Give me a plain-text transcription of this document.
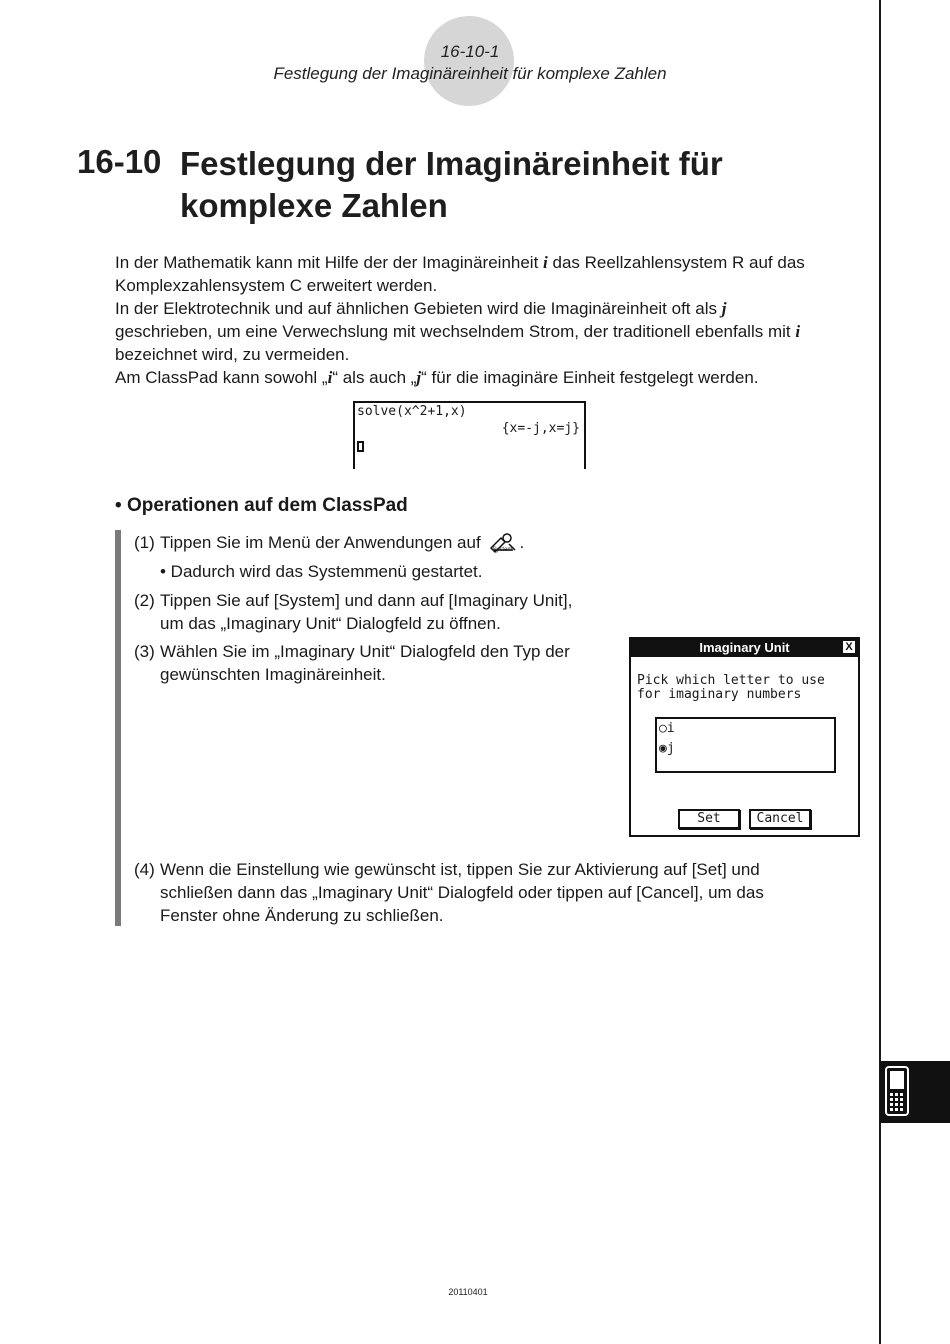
16-10-1
Festlegung der Imaginäreinheit für komplexe Zahlen
16-10 Festlegung der Imaginäreinheit für
komplexe Zahlen
In der Mathematik kann mit Hilfe der der Imaginäreinheit i das Reellzahlensystem R auf das
Komplexzahlensystem C erweitert werden.
In der Elektrotechnik und auf ähnlichen Gebieten wird die Imaginäreinheit oft als j
geschrieben, um eine Verwechslung mit wechselndem Strom, der traditionell ebenfalls mit i
bezeichnet wird, zu vermeiden.
Am ClassPad kann sowohl „i“ als auch „j“ für die imaginäre Einheit festgelegt werden.
solve(x^2+1,x)
{x=-j,x=j}
• Operationen auf dem ClassPad
(1) Tippen Sie im Menü der Anwendungen auf	System .
• Dadurch wird das Systemmenü gestartet.
(2) Tippen Sie auf [System] und dann auf [Imaginary Unit],
um das „Imaginary Unit“ Dialogfeld zu öffnen.
(3) Wählen Sie im „Imaginary Unit“ Dialogfeld den Typ der
gewünschten Imaginäreinheit.
Imaginary Unit	X
Pick which letter to use
for imaginary numbers
○i
◉j
Set	Cancel
(4) Wenn die Einstellung wie gewünscht ist, tippen Sie zur Aktivierung auf [Set] und
schließen dann das „Imaginary Unit“ Dialogfeld oder tippen auf [Cancel], um das
Fenster ohne Änderung zu schließen.
20110401
